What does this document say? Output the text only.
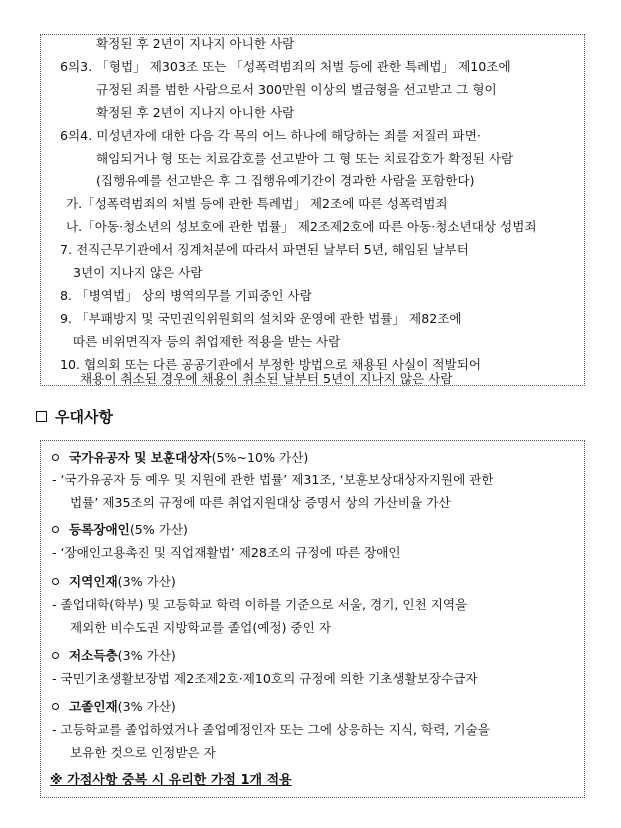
확정된 후 2년이 지나지 아니한 사람
6의3. 「형법」 제303조 또는 「성폭력범죄의 처벌 등에 관한 특례법」 제10조에
규정된 죄를 범한 사람으로서 300만원 이상의 벌금형을 선고받고 그 형이
확정된 후 2년이 지나지 아니한 사람
6의4. 미성년자에 대한 다음 각 목의 어느 하나에 해당하는 죄를 저질러 파면·
해임되거나 형 또는 치료감호를 선고받아 그 형 또는 치료감호가 확정된 사람
(집행유예를 선고받은 후 그 집행유예기간이 경과한 사람을 포함한다)
가.「성폭력범죄의 처벌 등에 관한 특례법」 제2조에 따른 성폭력범죄
나.「아동·청소년의 성보호에 관한 법률」 제2조제2호에 따른 아동·청소년대상 성범죄
7. 전직근무기관에서 징계처분에 따라서 파면된 날부터 5년, 해임된 날부터
3년이 지나지 않은 사람
8. 「병역법」 상의 병역의무를 기피중인 사람
9. 「부패방지 및 국민권익위원회의 설치와 운영에 관한 법률」 제82조에
따른 비위면직자 등의 취업제한 적용을 받는 사람
10. 협의회 또는 다른 공공기관에서 부정한 방법으로 채용된 사실이 적발되어
채용이 취소된 경우에 채용이 취소된 날부터 5년이 지나지 않은 사람
우대사항
국가유공자 및 보훈대상자(5%~10% 가산)
- ‘국가유공자 등 예우 및 지원에 관한 법률’ 제31조, ‘보훈보상대상자지원에 관한
법률’ 제35조의 규정에 따른 취업지원대상 증명서 상의 가산비율 가산
등록장애인(5% 가산)
- ‘장애인고용촉진 및 직업재활법’ 제28조의 규정에 따른 장애인
지역인재(3% 가산)
- 졸업대학(학부) 및 고등학교 학력 이하를 기준으로 서울, 경기, 인천 지역을
제외한 비수도권 지방학교를 졸업(예정) 중인 자
저소득층(3% 가산)
- 국민기초생활보장법 제2조제2호·제10호의 규정에 의한 기초생활보장수급자
고졸인재(3% 가산)
- 고등학교를 졸업하였거나 졸업예정인자 또는 그에 상응하는 지식, 학력, 기술을
보유한 것으로 인정받은 자
※ 가점사항 중복 시 유리한 가점 1개 적용
